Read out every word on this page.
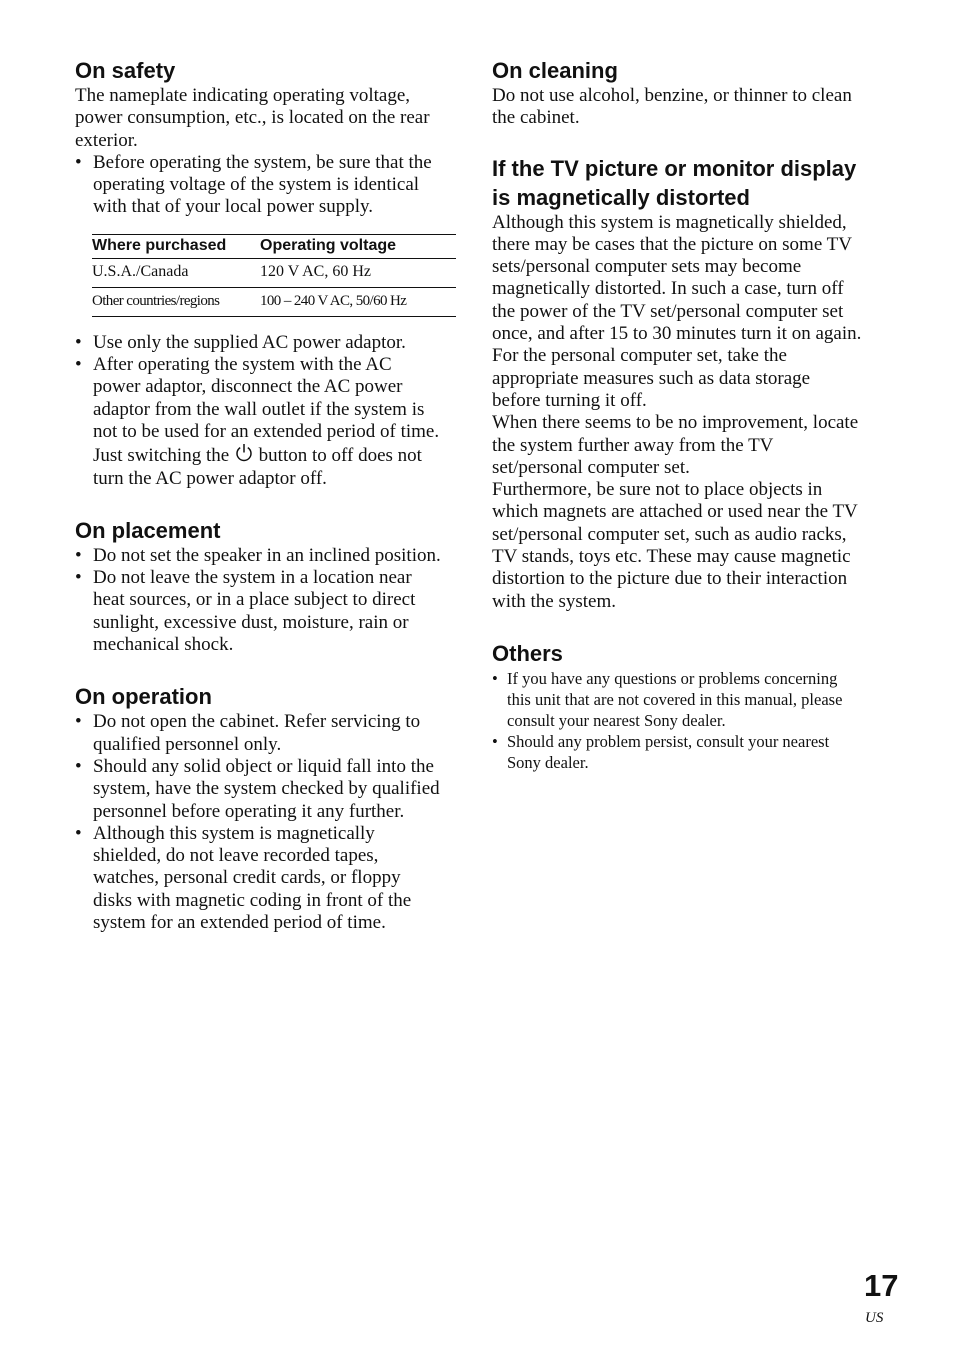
On safety

The nameplate indicating operating voltage, power consumption, etc., is located on the rear exterior.

• Before operating the system, be sure that the operating voltage of the system is identical with that of your local power supply.
Where purchased	Operating voltage
U.S.A./Canada	120 V AC, 60 Hz
Other countries/regions	100 – 240 V AC, 50/60 Hz
• Use only the supplied AC power adaptor.
• After operating the system with the AC power adaptor, disconnect the AC power adaptor from the wall outlet if the system is not to be used for an extended period of time. Just switching the button to off does not turn the AC power adaptor off.
On placement
• Do not set the speaker in an inclined position.
• Do not leave the system in a location near heat sources, or in a place subject to direct sunlight, excessive dust, moisture, rain or mechanical shock.
On operation
• Do not open the cabinet. Refer servicing to qualified personnel only.
• Should any solid object or liquid fall into the system, have the system checked by qualified personnel before operating it any further.
• Although this system is magnetically shielded, do not leave recorded tapes, watches, personal credit cards, or floppy disks with magnetic coding in front of the system for an extended period of time.
On cleaning

Do not use alcohol, benzine, or thinner to clean the cabinet.

If the TV picture or monitor display is magnetically distorted

Although this system is magnetically shielded, there may be cases that the picture on some TV sets/personal computer sets may become magnetically distorted. In such a case, turn off the power of the TV set/personal computer set once, and after 15 to 30 minutes turn it on again. For the personal computer set, take the appropriate measures such as data storage before turning it off.

When there seems to be no improvement, locate the system further away from the TV set/personal computer set.

Furthermore, be sure not to place objects in which magnets are attached or used near the TV set/personal computer set, such as audio racks, TV stands, toys etc. These may cause magnetic distortion to the picture due to their interaction with the system.

Others
• If you have any questions or problems concerning this unit that are not covered in this manual, please consult your nearest Sony dealer.
• Should any problem persist, consult your nearest Sony dealer.
17
US
